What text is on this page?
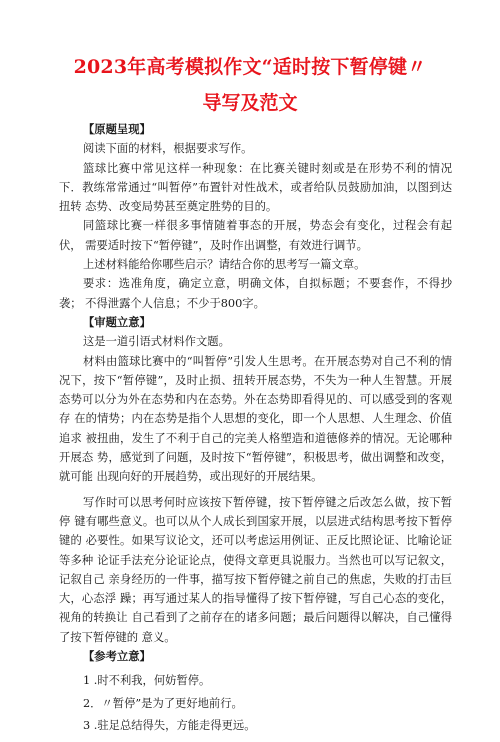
2023年高考模拟作文“适时按下暂停键〃
导写及范文
【原题呈现】

阅读下面的材料，根据要求写作。

篮球比赛中常见这样一种现象：在比赛关键时刻或是在形势不利的情况下．教练常常通过“叫暂停”布置针对性战术，或者给队员鼓励加油，以图到达扭转 态势、改变局势甚至奠定胜势的目的。

同篮球比赛一样很多事情随着事态的开展，势态会有变化，过程会有起伏， 需要适时按下“暂停键”，及时作出调整，有效进行调节。

上述材料能给你哪些启示？请结合你的思考写一篇文章。

要求：选准角度，确定立意，明确文体，自拟标题；不要套作，不得抄袭； 不得泄露个人信息；不少于800字。

【审题立意】

这是一道引语式材料作文题。

材料由篮球比赛中的“叫暂停”引发人生思考。在开展态势对自己不利的情 况下，按下“暂停键”，及时止损、扭转开展态势，不失为一种人生智慧。开展 态势可以分为外在态势和内在态势。外在态势即看得见的、可以感受到的客观存 在的情势；内在态势是指个人思想的变化，即一个人思想、人生理念、价值追求 被扭曲，发生了不利于自己的完美人格塑造和道德修养的情况。无论哪种开展态 势，感觉到了问题，及时按下“暂停键”，积极思考，做出调整和改变，就可能 出现向好的开展趋势，或出现好的开展结果。

写作时可以思考何时应该按下暂停键，按下暂停键之后改怎么做，按下暂停 键有哪些意义。也可以从个人成长到国家开展，以层进式结构思考按下暂停键的 必要性。如果写议论文，还可以考虑运用例证、正反比照论证、比喻论证等多种 论证手法充分论证论点，使得文章更具说服力。当然也可以写记叙文，记叙自己 亲身经历的一件事，描写按下暂停键之前自己的焦虑，失败的打击巨大，心态浮 躁；再写通过某人的指导懂得了按下暂停键，写自己心态的变化，视角的转换让 自己看到了之前存在的诸多问题；最后问题得以解决，自己懂得了按下暂停键的 意义。

【参考立意】
1 .时不利我，何妨暂停。
2．〃暂停”是为了更好地前行。
3 .驻足总结得失，方能走得更远。
